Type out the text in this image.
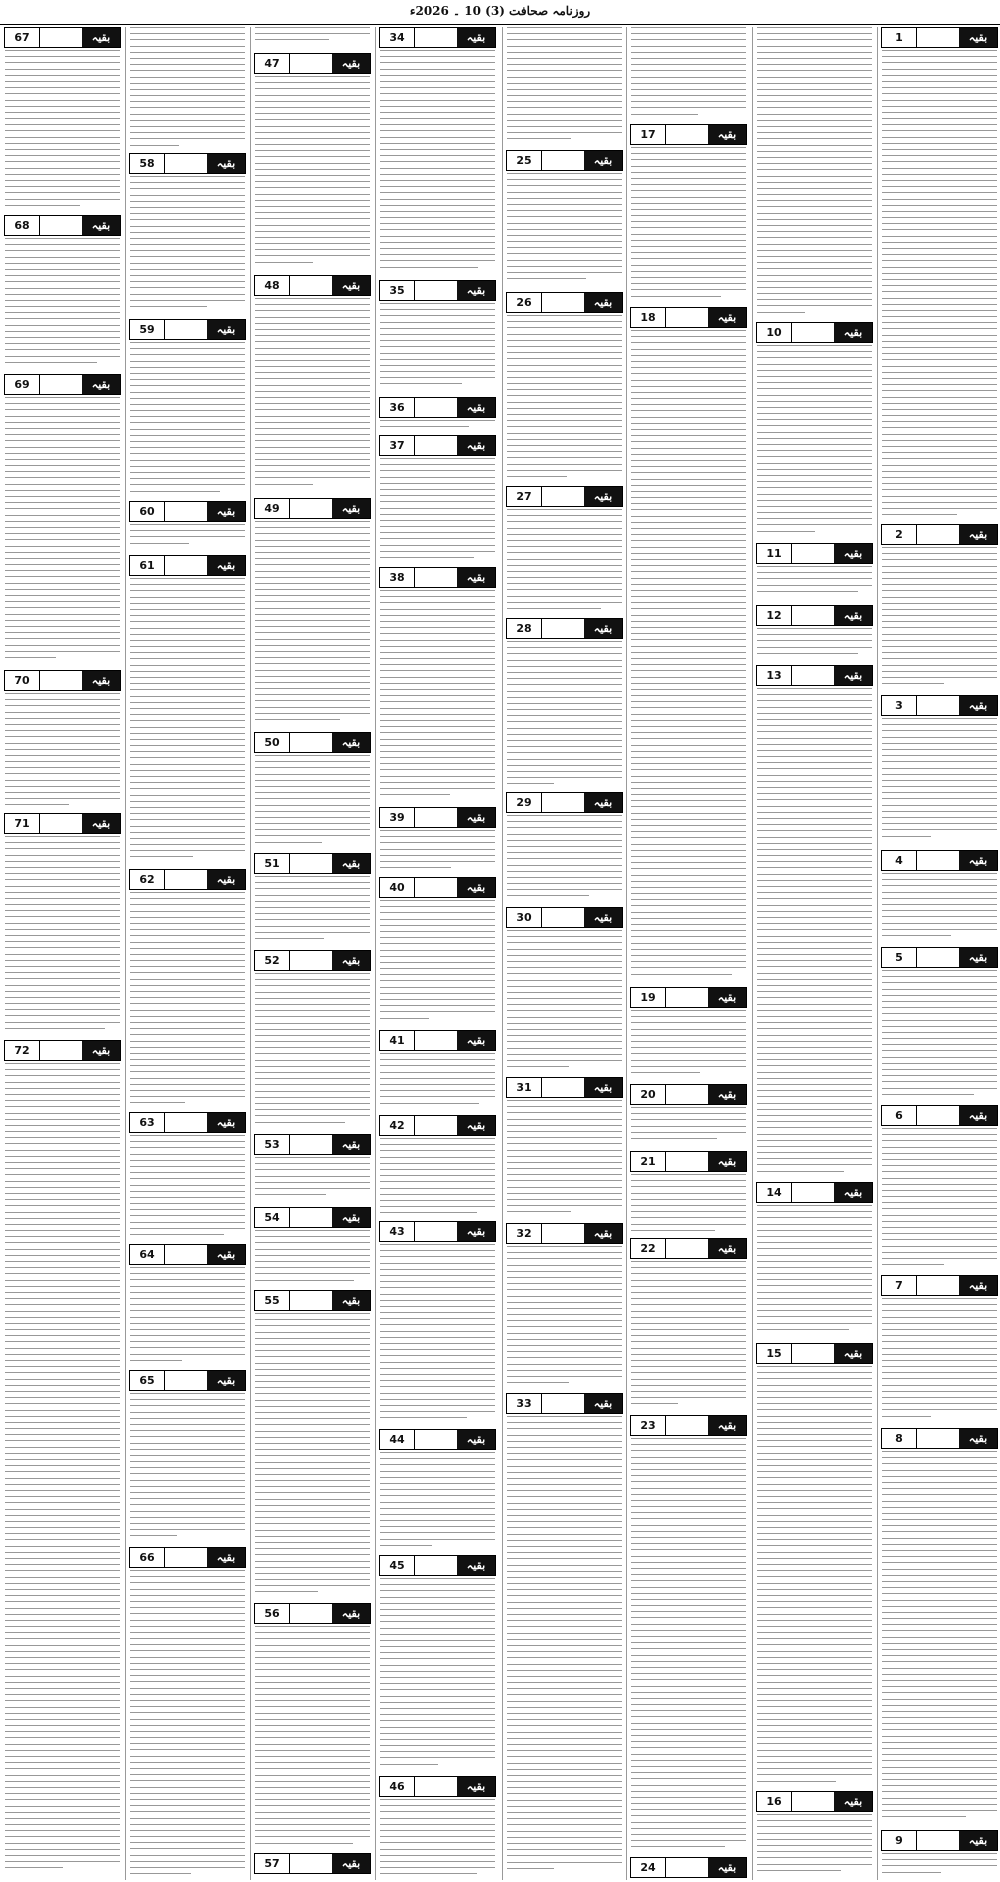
روزنامہ صحافت (3) 10 ۔ 2026ء
بقیہ
1
بقیہ
2
بقیہ
3
بقیہ
4
بقیہ
5
بقیہ
6
بقیہ
7
بقیہ
8
بقیہ
9
بقیہ
10
بقیہ
11
بقیہ
12
بقیہ
13
بقیہ
14
بقیہ
15
بقیہ
16
بقیہ
17
بقیہ
18
بقیہ
19
بقیہ
20
بقیہ
21
بقیہ
22
بقیہ
23
بقیہ
24
بقیہ
25
بقیہ
26
بقیہ
27
بقیہ
28
بقیہ
29
بقیہ
30
بقیہ
31
بقیہ
32
بقیہ
33
بقیہ
34
بقیہ
35
بقیہ
36
بقیہ
37
بقیہ
38
بقیہ
39
بقیہ
40
بقیہ
41
بقیہ
42
بقیہ
43
بقیہ
44
بقیہ
45
بقیہ
46
بقیہ
47
بقیہ
48
بقیہ
49
بقیہ
50
بقیہ
51
بقیہ
52
بقیہ
53
بقیہ
54
بقیہ
55
بقیہ
56
بقیہ
57
بقیہ
58
بقیہ
59
بقیہ
60
بقیہ
61
بقیہ
62
بقیہ
63
بقیہ
64
بقیہ
65
بقیہ
66
بقیہ
67
بقیہ
68
بقیہ
69
بقیہ
70
بقیہ
71
بقیہ
72
